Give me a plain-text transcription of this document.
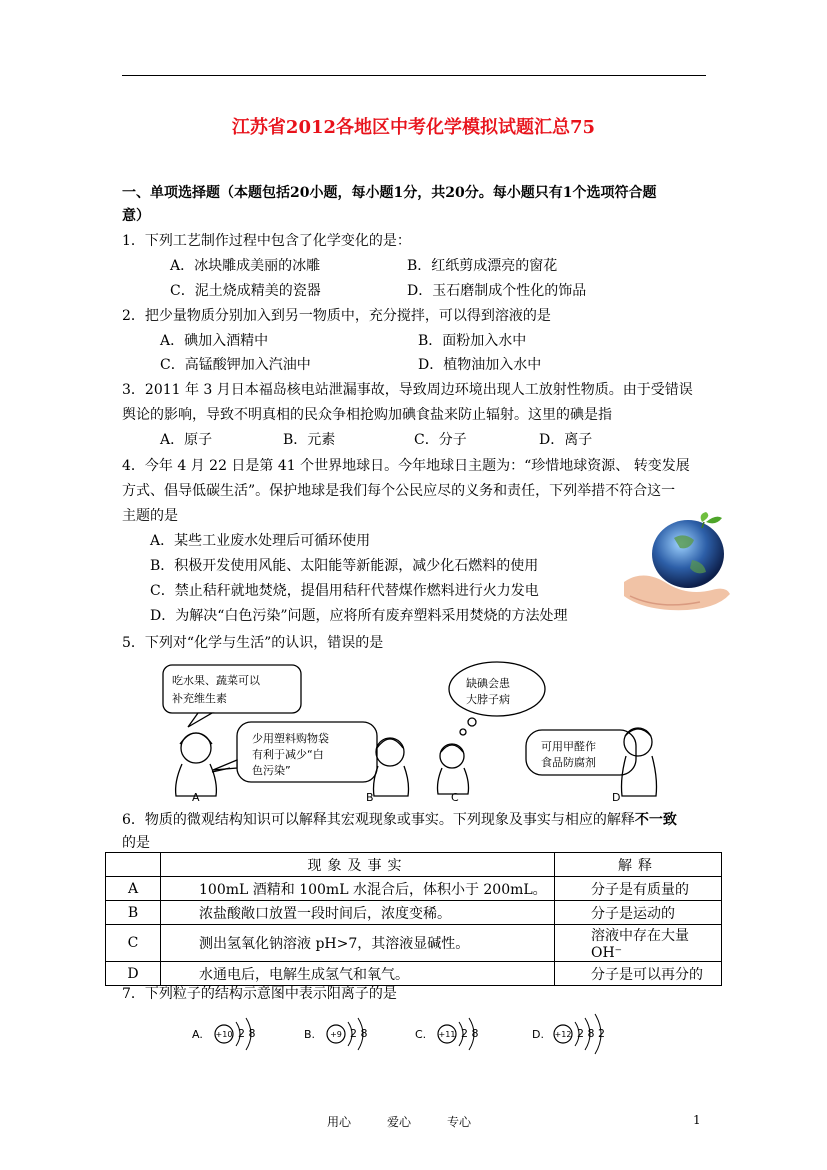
江苏省2012各地区中考化学模拟试题汇总75
一、单项选择题（本题包括20小题，每小题1分，共20分。每小题只有1个选项符合题
意）
1．下列工艺制作过程中包含了化学变化的是：
A．冰块雕成美丽的冰雕	B．红纸剪成漂亮的窗花
C．泥土烧成精美的瓷器	D．玉石磨制成个性化的饰品
2．把少量物质分别加入到另一物质中，充分搅拌，可以得到溶液的是
A．碘加入酒精中	B．面粉加入水中
C．高锰酸钾加入汽油中	D．植物油加入水中
3．2011 年 3 月日本福岛核电站泄漏事故，导致周边环境出现人工放射性物质。由于受错误
舆论的影响，导致不明真相的民众争相抢购加碘食盐来防止辐射。这里的碘是指
A．原子	B．元素	C．分子	D．离子
4．今年 4 月 22 日是第 41 个世界地球日。今年地球日主题为：“珍惜地球资源、 转变发展
方式、倡导低碳生活”。保护地球是我们每个公民应尽的义务和责任，下列举措不符合这一
主题的是
A．某些工业废水处理后可循环使用
B．积极开发使用风能、太阳能等新能源，减少化石燃料的使用
C．禁止秸秆就地焚烧，提倡用秸秆代替煤作燃料进行火力发电
D．为解决“白色污染”问题，应将所有废弃塑料采用焚烧的方法处理
5．下列对“化学与生活”的认识，错误的是
吃水果、蔬菜可以
补充维生素
少用塑料购物袋
有利于减少“白
色污染”
缺碘会患
大脖子病
可用甲醛作
食品防腐剂
A	B	C	D
6．物质的微观结构知识可以解释其宏观现象或事实。下列现象及事实与相应的解释不一致
的是
	现象及事实	解释
A	100mL 酒精和 100mL 水混合后，体积小于 200mL。	分子是有质量的
B	浓盐酸敞口放置一段时间后，浓度变稀。	分子是运动的
C	测出氢氧化钠溶液 pH>7，其溶液显碱性。	溶液中存在大量 OH⁻
D	水通电后，电解生成氢气和氧气。	分子是可以再分的
7．下列粒子的结构示意图中表示阳离子的是
A. +10 2 8	B. +9 2 8	C. +11 2 8	D. +12 2 8 2
用心	爱心	专心	1
